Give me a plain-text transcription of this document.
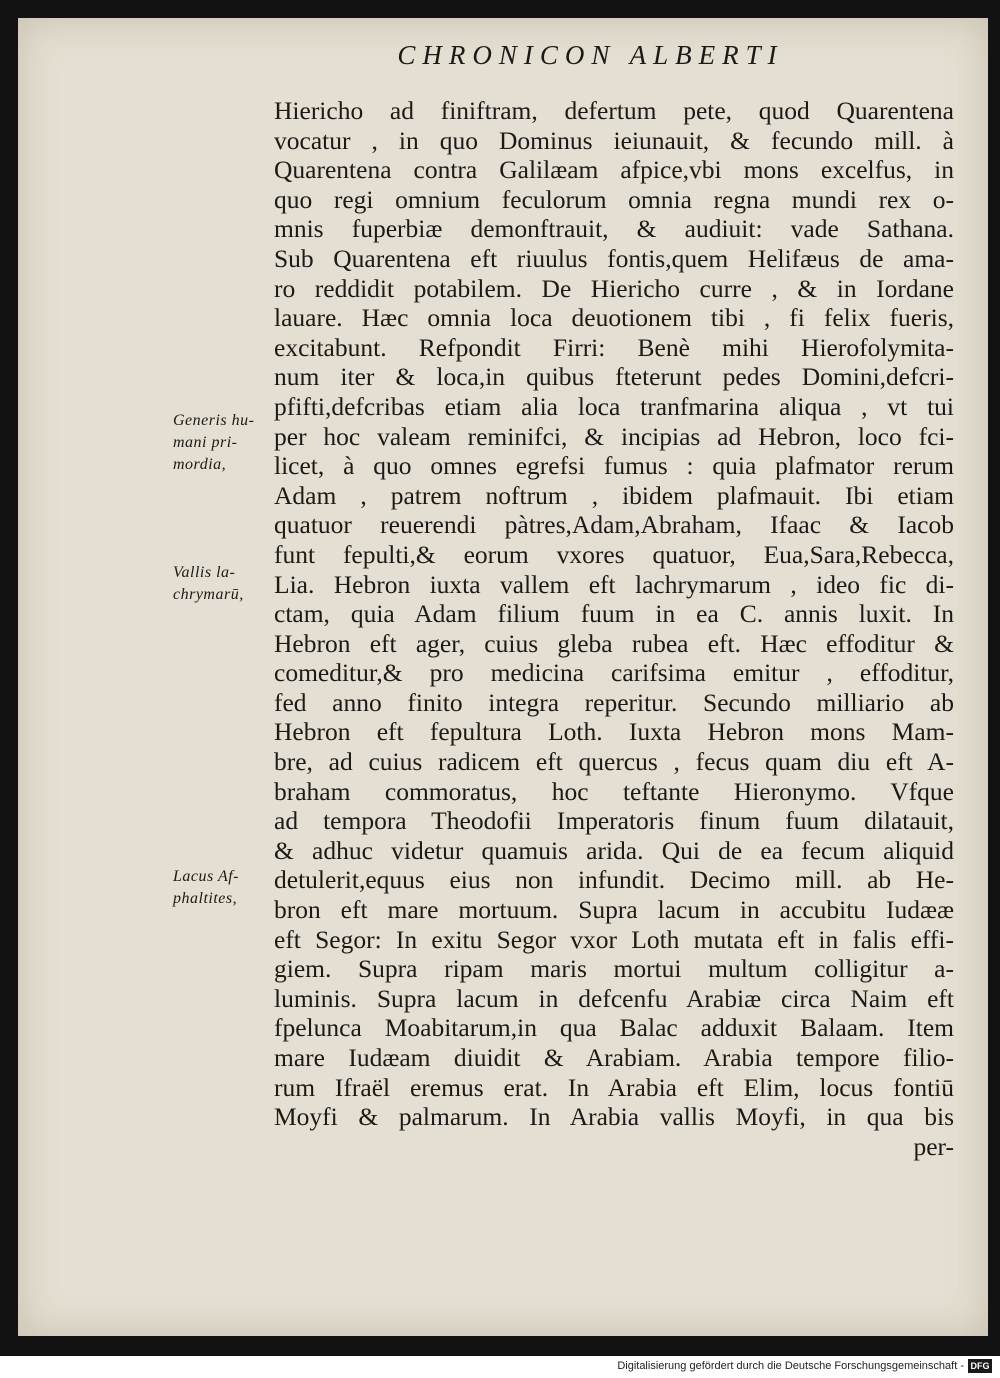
CHRONICON ALBERTI
Generis hu-
mani pri-
mordia,
Vallis la-
chrymarū,
Lacus Af-
phaltites,
Hiericho ad finiftram, defertum pete, quod Quarentena
vocatur , in quo Dominus ieiunauit, & fecundo mill. à
Quarentena contra Galilæam afpice,vbi mons excelfus, in
quo regi omnium feculorum omnia regna mundi rex o-
mnis fuperbiæ demonftrauit, & audiuit: vade Sathana.
Sub Quarentena eft riuulus fontis,quem Helifæus de ama-
ro reddidit potabilem. De Hiericho curre , & in Iordane
lauare. Hæc omnia loca deuotionem tibi , fi felix fueris,
excitabunt. Refpondit Firri: Benè mihi Hierofolymita-
num iter & loca,in quibus fteterunt pedes Domini,defcri-
pfifti,defcribas etiam alia loca tranfmarina aliqua , vt tui
per hoc valeam reminifci, & incipias ad Hebron, loco fci-
licet, à quo omnes egrefsi fumus : quia plafmator rerum
Adam , patrem noftrum , ibidem plafmauit. Ibi etiam
quatuor reuerendi pàtres,Adam,Abraham, Ifaac & Iacob
funt fepulti,& eorum vxores quatuor, Eua,Sara,Rebecca,
Lia. Hebron iuxta vallem eft lachrymarum , ideo fic di-
ctam, quia Adam filium fuum in ea C. annis luxit. In
Hebron eft ager, cuius gleba rubea eft. Hæc effoditur &
comeditur,& pro medicina carifsima emitur , effoditur,
fed anno finito integra reperitur. Secundo milliario ab
Hebron eft fepultura Loth. Iuxta Hebron mons Mam-
bre, ad cuius radicem eft quercus , fecus quam diu eft A-
braham commoratus, hoc teftante Hieronymo. Vfque
ad tempora Theodofii Imperatoris finum fuum dilatauit,
& adhuc videtur quamuis arida. Qui de ea fecum aliquid
detulerit,equus eius non infundit. Decimo mill. ab He-
bron eft mare mortuum. Supra lacum in accubitu Iudææ
eft Segor: In exitu Segor vxor Loth mutata eft in falis effi-
giem. Supra ripam maris mortui multum colligitur a-
luminis. Supra lacum in defcenfu Arabiæ circa Naim eft
fpelunca Moabitarum,in qua Balac adduxit Balaam. Item
mare Iudæam diuidit & Arabiam. Arabia tempore filio-
rum Ifraël eremus erat. In Arabia eft Elim, locus fontiū
Moyfi & palmarum. In Arabia vallis Moyfi, in qua bis
per-
Digitalisierung gefördert durch die Deutsche Forschungsgemeinschaft - DFG
